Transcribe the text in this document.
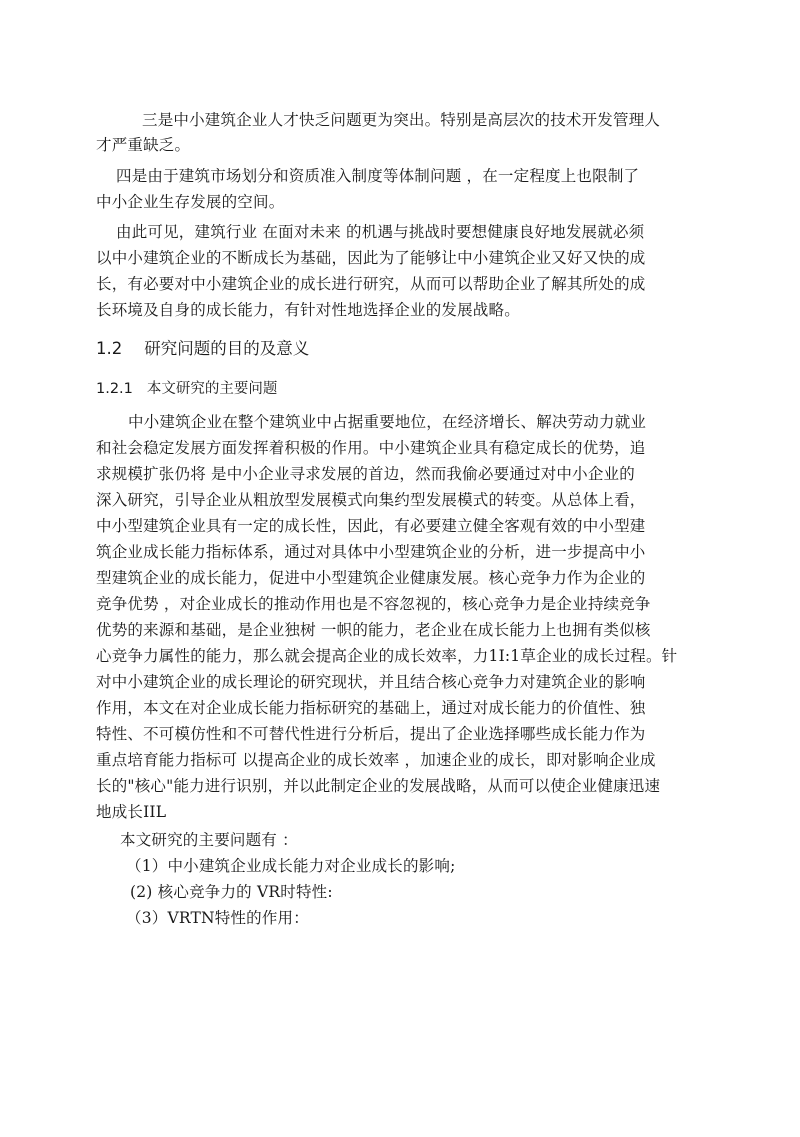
三是中小建筑企业人才快乏问题更为突出。特别是高层次的技术开发管理人
才严重缺乏。
四是由于建筑市场划分和资质准入制度等体制问题 ，在一定程度上也限制了
中小企业生存发展的空间。
由此可见，建筑行业 在面对未来 的机遇与挑战时要想健康良好地发展就必须
以中小建筑企业的不断成长为基础，因此为了能够让中小建筑企业又好又快的成
长，有必要对中小建筑企业的成长进行研究，从而可以帮助企业了解其所处的成
长环境及自身的成长能力，有针对性地选择企业的发展战略。
1.2 研究问题的目的及意义
1.2.1 本文研究的主要问题
中小建筑企业在整个建筑业中占据重要地位，在经济增长、解决劳动力就业
和社会稳定发展方面发挥着积极的作用。中小建筑企业具有稳定成长的优势，追
求规模扩张仍将 是中小企业寻求发展的首边，然而我偷必要通过对中小企业的
深入研究，引导企业从粗放型发展模式向集约型发展模式的转变。从总体上看，
中小型建筑企业具有一定的成长性，因此，有必要建立健全客观有效的中小型建
筑企业成长能力指标体系，通过对具体中小型建筑企业的分析，进一步提高中小
型建筑企业的成长能力，促进中小型建筑企业健康发展。核心竞争力作为企业的
竞争优势 ，对企业成长的推动作用也是不容忽视的，核心竞争力是企业持续竞争
优势的来源和基础，是企业独树 一帜的能力，老企业在成长能力上也拥有类似核
心竞争力属性的能力，那么就会提高企业的成长效率，力1I:1草企业的成长过程。针
对中小建筑企业的成长理论的研究现状，并且结合核心竞争力对建筑企业的影响
作用，本文在对企业成长能力指标研究的基础上，通过对成长能力的价值性、独
特性、不可模仿性和不可替代性进行分析后，提出了企业选择哪些成长能力作为
重点培育能力指标可 以提高企业的成长效率 ，加速企业的成长，即对影响企业成
长的"核心"能力进行识别，并以此制定企业的发展战略，从而可以使企业健康迅速
地成长IIL
本文研究的主要问题有 ：
（1）中小建筑企业成长能力对企业成长的影响;
(2) 核心竞争力的 VR时特性:
（3）VRTN特性的作用：
